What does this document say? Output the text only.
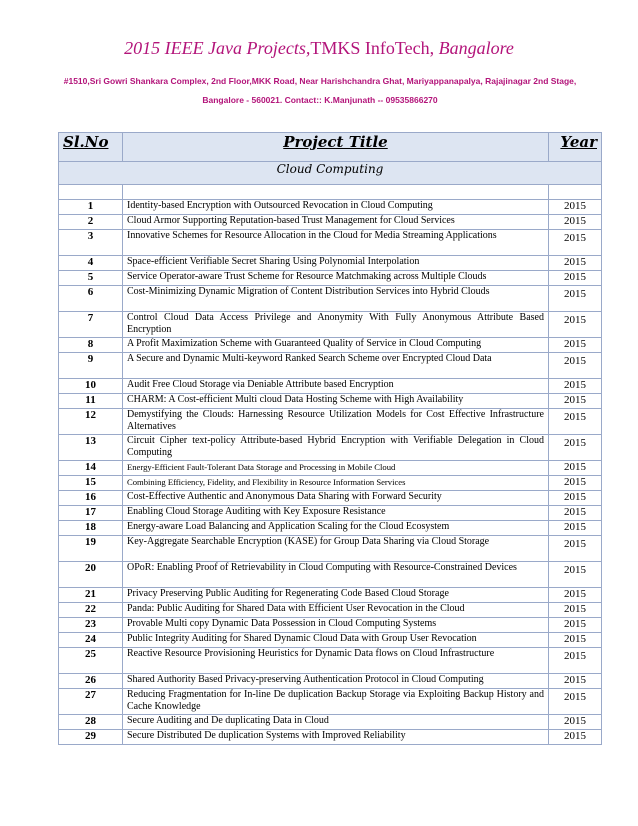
2015 IEEE Java Projects,TMKS InfoTech, Bangalore
#1510,Sri Gowri Shankara Complex, 2nd Floor,MKK Road, Near Harishchandra Ghat, Mariyappanapalya, Rajajinagar 2nd Stage, Bangalore - 560021. Contact:: K.Manjunath -- 09535866270
Sl.No	Project Title	Year
Cloud Computing		

1	Identity-based Encryption with Outsourced Revocation in Cloud Computing	2015
2	Cloud Armor Supporting Reputation-based Trust Management for Cloud Services	2015
3	Innovative Schemes for Resource Allocation in the Cloud for Media Streaming Applications	2015
4	Space-efficient Verifiable Secret Sharing Using Polynomial Interpolation	2015
5	Service Operator-aware Trust Scheme for Resource Matchmaking across Multiple Clouds	2015
6	Cost-Minimizing Dynamic Migration of Content Distribution Services into Hybrid Clouds	2015
7	Control Cloud Data Access Privilege and Anonymity With Fully Anonymous Attribute Based Encryption	2015
8	A Profit Maximization Scheme with Guaranteed Quality of Service in Cloud Computing	2015
9	A Secure and Dynamic Multi-keyword Ranked Search Scheme over Encrypted Cloud Data	2015
10	Audit Free Cloud Storage via Deniable Attribute based Encryption	2015
11	CHARM: A Cost-efficient Multi cloud Data Hosting Scheme with High Availability	2015
12	Demystifying the Clouds: Harnessing Resource Utilization Models for Cost Effective Infrastructure Alternatives	2015
13	Circuit Cipher text-policy Attribute-based Hybrid Encryption with Verifiable Delegation in Cloud Computing	2015
14	Energy-Efficient Fault-Tolerant Data Storage and Processing in Mobile Cloud	2015
15	Combining Efficiency, Fidelity, and Flexibility in Resource Information Services	2015
16	Cost-Effective Authentic and Anonymous Data Sharing with Forward Security	2015
17	Enabling Cloud Storage Auditing with Key Exposure Resistance	2015
18	Energy-aware Load Balancing and Application Scaling for the Cloud Ecosystem	2015
19	Key-Aggregate Searchable Encryption (KASE) for Group Data Sharing via Cloud Storage	2015
20	OPoR: Enabling Proof of Retrievability in Cloud Computing with Resource-Constrained Devices	2015
21	Privacy Preserving Public Auditing for Regenerating Code Based Cloud Storage	2015
22	Panda: Public Auditing for Shared Data with Efficient User Revocation in the Cloud	2015
23	Provable Multi copy Dynamic Data Possession in Cloud Computing Systems	2015
24	Public Integrity Auditing for Shared Dynamic Cloud Data with Group User Revocation	2015
25	Reactive Resource Provisioning Heuristics for Dynamic Data flows on Cloud Infrastructure	2015
26	Shared Authority Based Privacy-preserving Authentication Protocol in Cloud Computing	2015
27	Reducing Fragmentation for In-line De duplication Backup Storage via Exploiting Backup History and Cache Knowledge	2015
28	Secure Auditing and De duplicating Data in Cloud	2015
29	Secure Distributed De duplication Systems with Improved Reliability	2015
